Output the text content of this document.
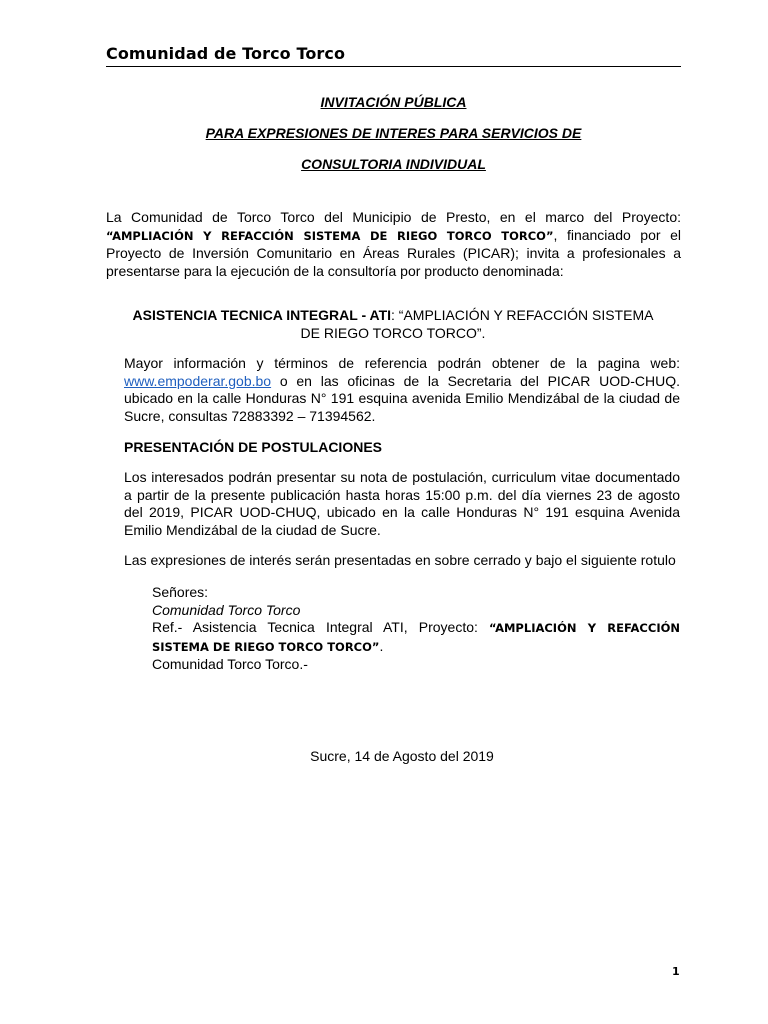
Comunidad de Torco Torco
INVITACIÓN PÚBLICA
PARA EXPRESIONES DE INTERES PARA SERVICIOS DE
CONSULTORIA INDIVIDUAL

La Comunidad de Torco Torco del Municipio de Presto, en el marco del Proyecto: “AMPLIACIÓN Y REFACCIÓN SISTEMA DE RIEGO TORCO TORCO”, financiado por el Proyecto de Inversión Comunitario en Áreas Rurales (PICAR); invita a profesionales a presentarse para la ejecución de la consultoría por producto denominada:

ASISTENCIA TECNICA INTEGRAL - ATI: “AMPLIACIÓN Y REFACCIÓN SISTEMA DE RIEGO TORCO TORCO”.

Mayor información y términos de referencia podrán obtener de la pagina web: www.empoderar.gob.bo o en las oficinas de la Secretaria del PICAR UOD-CHUQ. ubicado en la calle Honduras N° 191 esquina avenida Emilio Mendizábal de la ciudad de Sucre, consultas 72883392 – 71394562.

PRESENTACIÓN DE POSTULACIONES

Los interesados podrán presentar su nota de postulación, curriculum vitae documentado a partir de la presente publicación hasta horas 15:00 p.m. del día viernes 23 de agosto del 2019, PICAR UOD-CHUQ, ubicado en la calle Honduras N° 191 esquina Avenida Emilio Mendizábal de la ciudad de Sucre.

Las expresiones de interés serán presentadas en sobre cerrado y bajo el siguiente rotulo

Señores:
Comunidad Torco Torco
Ref.- Asistencia Tecnica Integral ATI, Proyecto: “AMPLIACIÓN Y REFACCIÓN SISTEMA DE RIEGO TORCO TORCO”.
Comunidad Torco Torco.-
Sucre, 14 de Agosto del 2019
1
